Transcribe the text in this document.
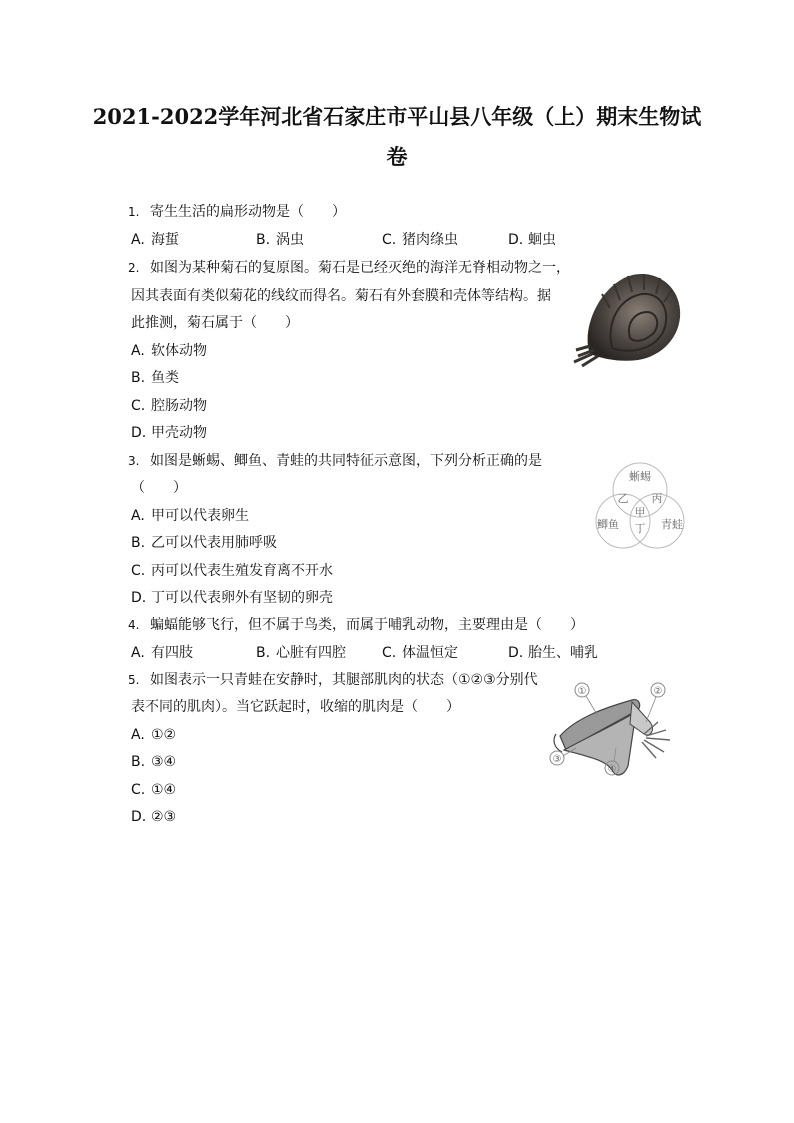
2021-2022学年河北省石家庄市平山县八年级（上）期末生物试
卷
1. 寄生生活的扁形动物是（　　）
A. 海蜇	B. 涡虫	C. 猪肉绦虫	D. 蛔虫
2. 如图为某种菊石的复原图。菊石是已经灭绝的海洋无脊相动物之一，
因其表面有类似菊花的线纹而得名。菊石有外套膜和壳体等结构。据
此推测，菊石属于（　　）
A. 软体动物
B. 鱼类
C. 腔肠动物
D. 甲壳动物
3. 如图是蜥蜴、鲫鱼、青蛙的共同特征示意图，下列分析正确的是
（　　）
A. 甲可以代表卵生
B. 乙可以代表用肺呼吸
C. 丙可以代表生殖发育离不开水
D. 丁可以代表卵外有坚韧的卵壳
蜥蜴
鲫鱼	青蛙
甲
乙 丙
丁
4. 蝙蝠能够飞行，但不属于鸟类，而属于哺乳动物，主要理由是（　　）
A. 有四肢	B. 心脏有四腔	C. 体温恒定	D. 胎生、哺乳
5. 如图表示一只青蛙在安静时，其腿部肌肉的状态（①②③分别代
表不同的肌肉）。当它跃起时，收缩的肌肉是（　　）
A. ①②
B. ③④
C. ①④
D. ②③
①	②
③
④
